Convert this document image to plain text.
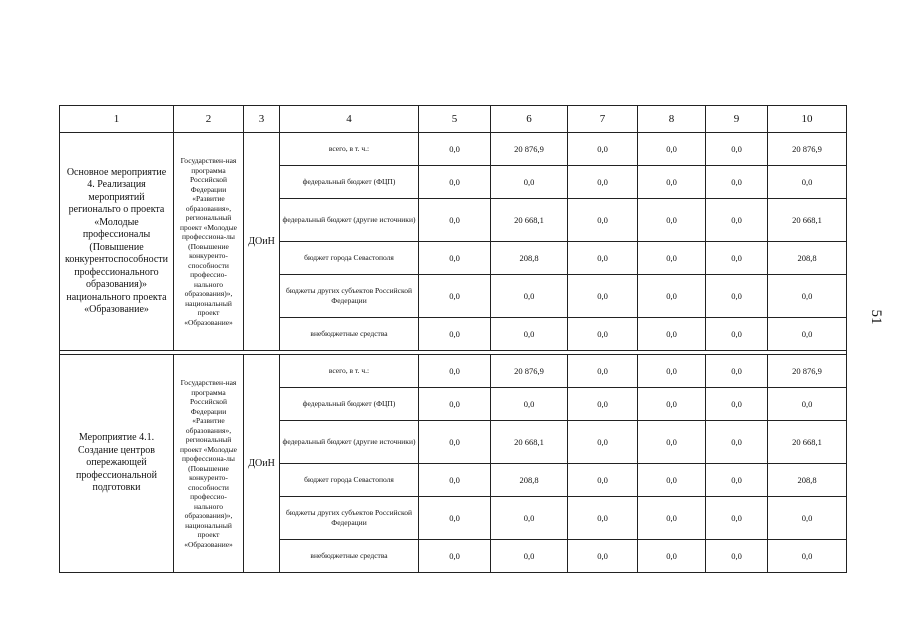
51
1	2	3	4	5	6	7	8	9	10
Основное мероприятие 4. Реализация мероприятий региональго о проекта «Молодые профессионалы (Повышение конкурентоспособности профессионального образования)» национального проекта «Образование»	Государствен-ная программа Российской Федерации «Развитие образования», региональный проект «Молодые профессиона-лы (Повышение конкуренто-способности профессио-нального образования)», национальный проект «Образование»	ДОиН	всего, в т. ч.:	0,0	20 876,9	0,0	0,0	0,0	20 876,9
			федеральный бюджет (ФЦП)	0,0	0,0	0,0	0,0	0,0	0,0
			федеральный бюджет (другие источники)	0,0	20 668,1	0,0	0,0	0,0	20 668,1
			бюджет города Севастополя	0,0	208,8	0,0	0,0	0,0	208,8
			бюджеты других субъектов Российской Федерации	0,0	0,0	0,0	0,0	0,0	0,0
			внебюджетные средства	0,0	0,0	0,0	0,0	0,0	0,0

Мероприятие 4.1. Создание центров опережающей профессиональной подготовки	Государствен-ная программа Российской Федерации «Развитие образования», региональный проект «Молодые профессиона-лы (Повышение конкуренто-способности профессио-нального образования)», национальный проект «Образование»	ДОиН	всего, в т. ч.:	0,0	20 876,9	0,0	0,0	0,0	20 876,9
			федеральный бюджет (ФЦП)	0,0	0,0	0,0	0,0	0,0	0,0
			федеральный бюджет (другие источники)	0,0	20 668,1	0,0	0,0	0,0	20 668,1
			бюджет города Севастополя	0,0	208,8	0,0	0,0	0,0	208,8
			бюджеты других субъектов Российской Федерации	0,0	0,0	0,0	0,0	0,0	0,0
			внебюджетные средства	0,0	0,0	0,0	0,0	0,0	0,0
